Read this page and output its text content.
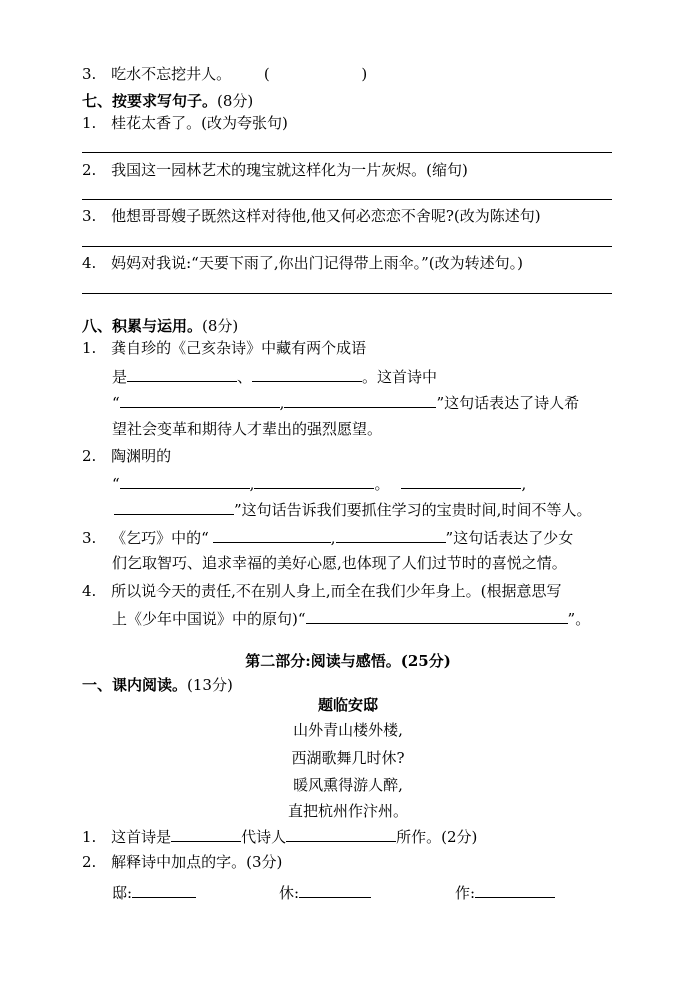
3. 吃水不忘挖井人。 (	)
七、按要求写句子。(8分)
1. 桂花太香了。(改为夸张句)
2. 我国这一园林艺术的瑰宝就这样化为一片灰烬。(缩句)
3. 他想哥哥嫂子既然这样对待他,他又何必恋恋不舍呢?(改为陈述句)
4. 妈妈对我说:“天要下雨了,你出门记得带上雨伞。”(改为转述句。)
八、积累与运用。(8分)
1. 龚自珍的《己亥杂诗》中藏有两个成语
是	、	。这首诗中
“	,	”这句话表达了诗人希
望社会变革和期待人才辈出的强烈愿望。
2. 陶渊明的
“	,	。	,
”这句话告诉我们要抓住学习的宝贵时间,时间不等人。
3. 《乞巧》中的“	,	”这句话表达了少女
们乞取智巧、追求幸福的美好心愿,也体现了人们过节时的喜悦之情。
4. 所以说今天的责任,不在别人身上,而全在我们少年身上。(根据意思写
上《少年中国说》中的原句)“	”。
第二部分:阅读与感悟。(25分)
一、课内阅读。(13分)
题临安邸
山外青山楼外楼,
西湖歌舞几时休?
暖风熏得游人醉,
直把杭州作汴州。
1. 这首诗是	代诗人	所作。(2分)
2. 解释诗中加点的字。(3分)
邸:	休:	作:
